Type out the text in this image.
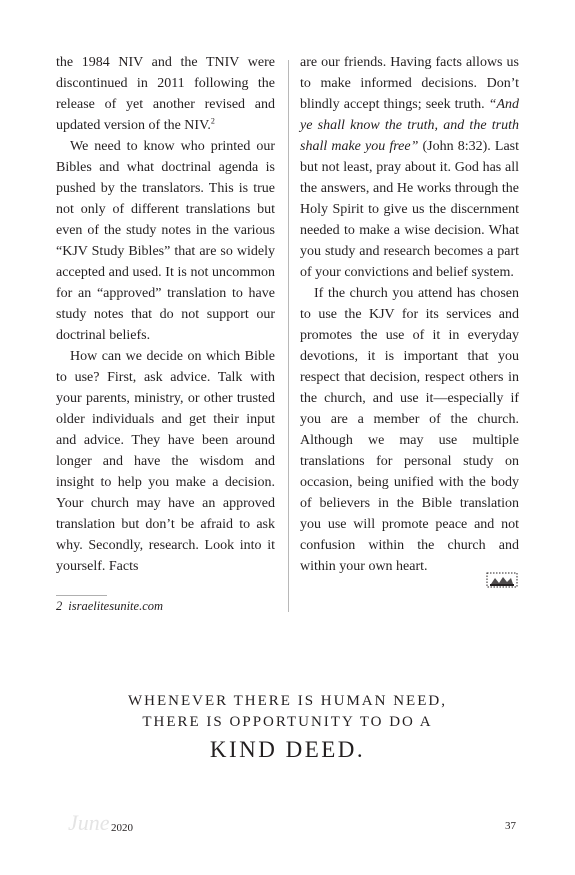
the 1984 NIV and the TNIV were discontinued in 2011 following the release of yet another revised and updated version of the NIV.$^2$

We need to know who printed our Bibles and what doctrinal agenda is pushed by the translators. This is true not only of different translations but even of the study notes in the various “KJV Study Bibles” that are so widely accepted and used. It is not uncommon for an “approved” translation to have study notes that do not support our doctrinal beliefs.

How can we decide on which Bible to use? First, ask advice. Talk with your parents, ministry, or other trusted older individuals and get their input and advice. They have been around longer and have the wisdom and insight to help you make a decision. Your church may have an approved translation but don’t be afraid to ask why. Secondly, research. Look into it yourself. Facts

are our friends. Having facts allows us to make informed decisions. Don’t blindly accept things; seek truth. “And ye shall know the truth, and the truth shall make you free” (John 8:32). Last but not least, pray about it. God has all the answers, and He works through the Holy Spirit to give us the discernment needed to make a wise decision. What you study and research becomes a part of your convictions and belief system.

If the church you attend has chosen to use the KJV for its services and promotes the use of it in everyday devotions, it is important that you respect that decision, respect others in the church, and use it—especially if you are a member of the church. Although we may use multiple translations for personal study on occasion, being unified with the body of believers in the Bible translation you use will promote peace and not confusion within the church and within your own heart.

2 israelitesunite.com
WHENEVER THERE IS HUMAN NEED,
THERE IS OPPORTUNITY TO DO A
KIND DEED.
June 2020	37
